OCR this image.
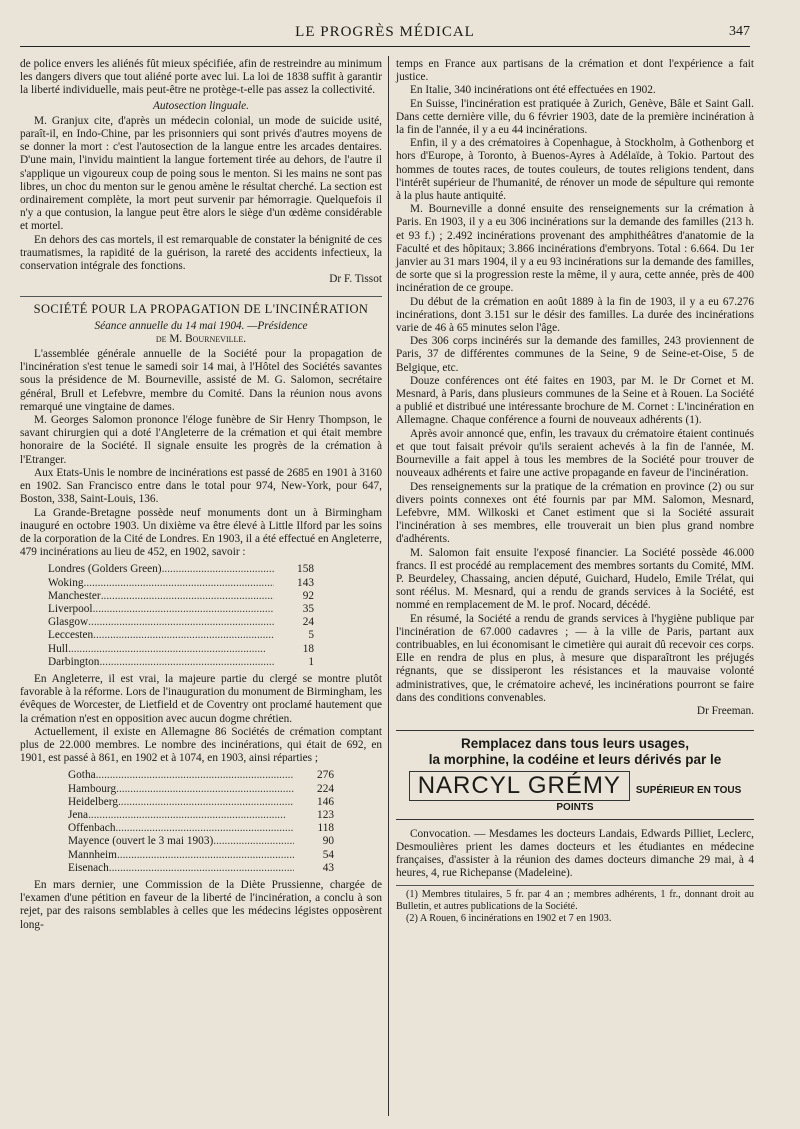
LE PROGRÈS MÉDICAL	347

de police envers les aliénés fût mieux spécifiée, afin de restreindre au minimum les dangers divers que tout aliéné porte avec lui. La loi de 1838 suffit à garantir la liberté individuelle, mais peut-être ne protège-t-elle pas assez la collectivité.

Autosection linguale.

M. Granjux cite, d'après un médecin colonial, un mode de suicide usité, paraît-il, en Indo-Chine, par les prisonniers qui sont privés d'autres moyens de se donner la mort : c'est l'autosection de la langue entre les arcades dentaires. D'une main, l'invidu maintient la langue fortement tirée au dehors, de l'autre il s'applique un vigoureux coup de poing sous le menton. Si les mains ne sont pas libres, un choc du menton sur le genou amène le résultat cherché. La section est ordinairement complète, la mort peut survenir par hémorragie. Quelquefois il n'y a que contusion, la langue peut être alors le siège d'un œdème considérable et mortel.

En dehors des cas mortels, il est remarquable de constater la bénignité de ces traumatismes, la rapidité de la guérison, la rareté des accidents infectieux, la conservation intégrale des fonctions.

Dr F. Tissot

SOCIÉTÉ POUR LA PROPAGATION DE L'INCINÉRATION

Séance annuelle du 14 mai 1904. —Présidence

de M. Bourneville.

L'assemblée générale annuelle de la Société pour la propagation de l'incinération s'est tenue le samedi soir 14 mai, à l'Hôtel des Sociétés savantes sous la présidence de M. Bourneville, assisté de M. G. Salomon, secrétaire général, Brull et Lefebvre, membre du Comité. Dans la réunion nous avons remarqué une vingtaine de dames.

M. Georges Salomon prononce l'éloge funèbre de Sir Henry Thompson, le savant chirurgien qui a doté l'Angleterre de la crémation et qui était membre honoraire de la Société. Il signale ensuite les progrès de la crémation à l'Etranger.

Aux Etats-Unis le nombre de incinérations est passé de 2685 en 1901 à 3160 en 1902. San Francisco entre dans le total pour 974, New-York, pour 647, Boston, 338, Saint-Louis, 136.

La Grande-Bretagne possède neuf monuments dont un à Birmingham inauguré en octobre 1903. Un dixième va être élevé à Little Ilford par les soins de la corporation de la Cité de Londres. En 1903, il a été effectué en Angleterre, 479 incinérations au lieu de 452, en 1902, savoir :

Londres (Golders Green) .....	158
Woking .....	143
Manchester .....	92
Liverpool .....	35
Glasgow .....	24
Leccesten .....	5
Hull .....	18
Darbington .....	1

En Angleterre, il est vrai, la majeure partie du clergé se montre plutôt favorable à la réforme. Lors de l'inauguration du monument de Birmingham, les évêques de Worcester, de Lietfield et de Coventry ont proclamé hautement que la crémation n'est en opposition avec aucun dogme chrétien.

Actuellement, il existe en Allemagne 86 Sociétés de crémation comptant plus de 22.000 membres. Le nombre des incinérations, qui était de 692, en 1901, est passé à 861, en 1902 et à 1074, en 1903, ainsi réparties ;

Gotha .....	276
Hambourg .....	224
Heidelberg .....	146
Jena .....	123
Offenbach .....	118
Mayence (ouvert le 3 mai 1903) .....	90
Mannheim .....	54
Eisenach .....	43

En mars dernier, une Commission de la Diète Prussienne, chargée de l'examen d'une pétition en faveur de la liberté de l'incinération, a conclu à son rejet, par des raisons semblables à celles que les médecins légistes opposèrent long-

temps en France aux partisans de la crémation et dont l'expérience a fait justice.

En Italie, 340 incinérations ont été effectuées en 1902.

En Suisse, l'incinération est pratiquée à Zurich, Genève, Bâle et Saint Gall. Dans cette dernière ville, du 6 février 1903, date de la première incinération à la fin de l'année, il y a eu 44 incinérations.

Enfin, il y a des crématoires à Copenhague, à Stockholm, à Gothenborg et hors d'Europe, à Toronto, à Buenos-Ayres à Adélaïde, à Tokio. Partout des hommes de toutes races, de toutes couleurs, de toutes religions tendent, dans l'intérêt supérieur de l'humanité, de rénover un mode de sépulture qui remonte à la plus haute antiquité.

M. Bourneville a donné ensuite des renseignements sur la crémation à Paris. En 1903, il y a eu 306 incinérations sur la demande des familles (213 h. et 93 f.) ; 2.492 incinérations provenant des amphithéâtres d'anatomie de la Faculté et des hôpitaux; 3.866 incinérations d'embryons. Total : 6.664. Du 1er janvier au 31 mars 1904, il y a eu 93 incinérations sur la demande des familles, de sorte que si la progression reste la même, il y aura, cette année, près de 400 incinération de ce groupe.

Du début de la crémation en août 1889 à la fin de 1903, il y a eu 67.276 incinérations, dont 3.151 sur le désir des familles. La durée des incinérations varie de 46 à 65 minutes selon l'âge.

Des 306 corps incinérés sur la demande des familles, 243 proviennent de Paris, 37 de différentes communes de la Seine, 9 de Seine-et-Oise, 5 de Belgique, etc.

Douze conférences ont été faites en 1903, par M. le Dr Cornet et M. Mesnard, à Paris, dans plusieurs communes de la Seine et à Rouen. La Société a publié et distribué une intéressante brochure de M. Cornet : L'incinération en Allemagne. Chaque conférence a fourni de nouveaux adhérents (1).

Après avoir annoncé que, enfin, les travaux du crématoire étaient continués et que tout faisait prévoir qu'ils seraient achevés à la fin de l'année, M. Bourneville a fait appel à tous les membres de la Société pour trouver de nouveaux adhérents et faire une active propagande en faveur de l'incinération.

Des renseignements sur la pratique de la crémation en province (2) ou sur divers points connexes ont été fournis par par MM. Salomon, Mesnard, Lefebvre, MM. Wilkoski et Canet estiment que si la Société assurait l'incinération à ses membres, elle trouverait un bien plus grand nombre d'adhérents.

M. Salomon fait ensuite l'exposé financier. La Société possède 46.000 francs. Il est procédé au remplacement des membres sortants du Comité, MM. P. Beurdeley, Chassaing, ancien député, Guichard, Hudelo, Emile Trélat, qui sont réélus. M. Mesnard, qui a rendu de grands services à la Société, est nommé en remplacement de M. le prof. Nocard, décédé.

En résumé, la Société a rendu de grands services à l'hygiène publique par l'incinération de 67.000 cadavres ; — à la ville de Paris, partant aux contribuables, en lui économisant le cimetière qui aurait dû recevoir ces corps. Elle en rendra de plus en plus, à mesure que disparaîtront les préjugés régnants, que se dissiperont les résistances et la mauvaise volonté administratives, que, le crématoire achevé, les incinérations pourront se faire dans des conditions convenables.

Dr Freeman.

Remplacez dans tous leurs usages,
la morphine, la codéine et leurs dérivés par le
NARCYL GRÉMY SUPÉRIEUR EN TOUS POINTS

Convocation. — Mesdames les docteurs Landais, Edwards Pilliet, Leclerc, Desmoulières prient les dames docteurs et les étudiantes en médecine françaises, d'assister à la réunion des dames docteurs dimanche 29 mai, à 4 heures, 4, rue Richepanse (Madeleine).

(1) Membres titulaires, 5 fr. par 4 an ; membres adhérents, 1 fr., donnant droit au Bulletin, et autres publications de la Société.

(2) A Rouen, 6 incinérations en 1902 et 7 en 1903.
